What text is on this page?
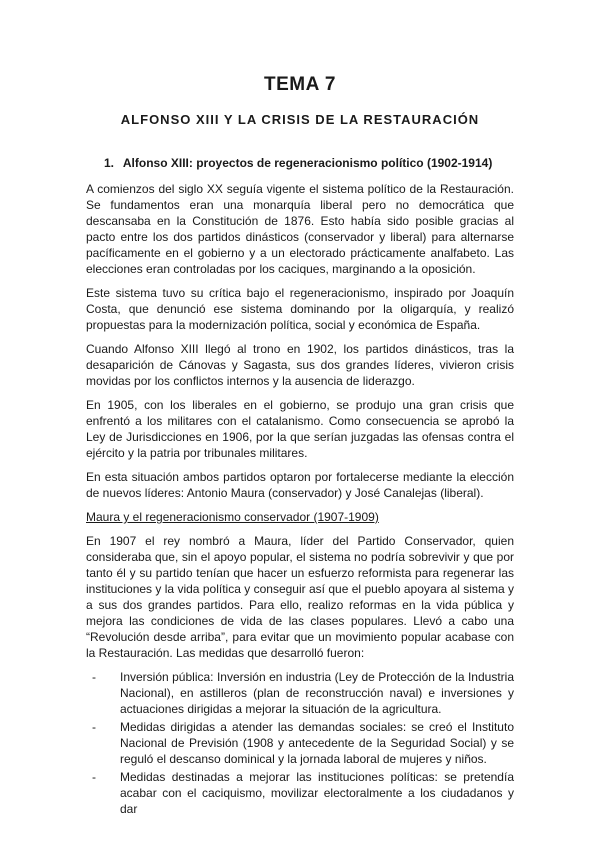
TEMA 7
ALFONSO XIII Y LA CRISIS DE LA RESTAURACIÓN
1. Alfonso XIII: proyectos de regeneracionismo político (1902-1914)

A comienzos del siglo XX seguía vigente el sistema político de la Restauración. Se fundamentos eran una monarquía liberal pero no democrática que descansaba en la Constitución de 1876. Esto había sido posible gracias al pacto entre los dos partidos dinásticos (conservador y liberal) para alternarse pacíficamente en el gobierno y a un electorado prácticamente analfabeto. Las elecciones eran controladas por los caciques, marginando a la oposición.

Este sistema tuvo su crítica bajo el regeneracionismo, inspirado por Joaquín Costa, que denunció ese sistema dominando por la oligarquía, y realizó propuestas para la modernización política, social y económica de España.

Cuando Alfonso XIII llegó al trono en 1902, los partidos dinásticos, tras la desaparición de Cánovas y Sagasta, sus dos grandes líderes, vivieron crisis movidas por los conflictos internos y la ausencia de liderazgo.

En 1905, con los liberales en el gobierno, se produjo una gran crisis que enfrentó a los militares con el catalanismo. Como consecuencia se aprobó la Ley de Jurisdicciones en 1906, por la que serían juzgadas las ofensas contra el ejército y la patria por tribunales militares.

En esta situación ambos partidos optaron por fortalecerse mediante la elección de nuevos líderes: Antonio Maura (conservador) y José Canalejas (liberal).

Maura y el regeneracionismo conservador (1907-1909)

En 1907 el rey nombró a Maura, líder del Partido Conservador, quien consideraba que, sin el apoyo popular, el sistema no podría sobrevivir y que por tanto él y su partido tenían que hacer un esfuerzo reformista para regenerar las instituciones y la vida política y conseguir así que el pueblo apoyara al sistema y a sus dos grandes partidos. Para ello, realizo reformas en la vida pública y mejora las condiciones de vida de las clases populares. Llevó a cabo una “Revolución desde arriba”, para evitar que un movimiento popular acabase con la Restauración. Las medidas que desarrolló fueron:

- Inversión pública: Inversión en industria (Ley de Protección de la Industria Nacional), en astilleros (plan de reconstrucción naval) e inversiones y actuaciones dirigidas a mejorar la situación de la agricultura.
- Medidas dirigidas a atender las demandas sociales: se creó el Instituto Nacional de Previsión (1908 y antecedente de la Seguridad Social) y se reguló el descanso dominical y la jornada laboral de mujeres y niños.
- Medidas destinadas a mejorar las instituciones políticas: se pretendía acabar con el caciquismo, movilizar electoralmente a los ciudadanos y dar
